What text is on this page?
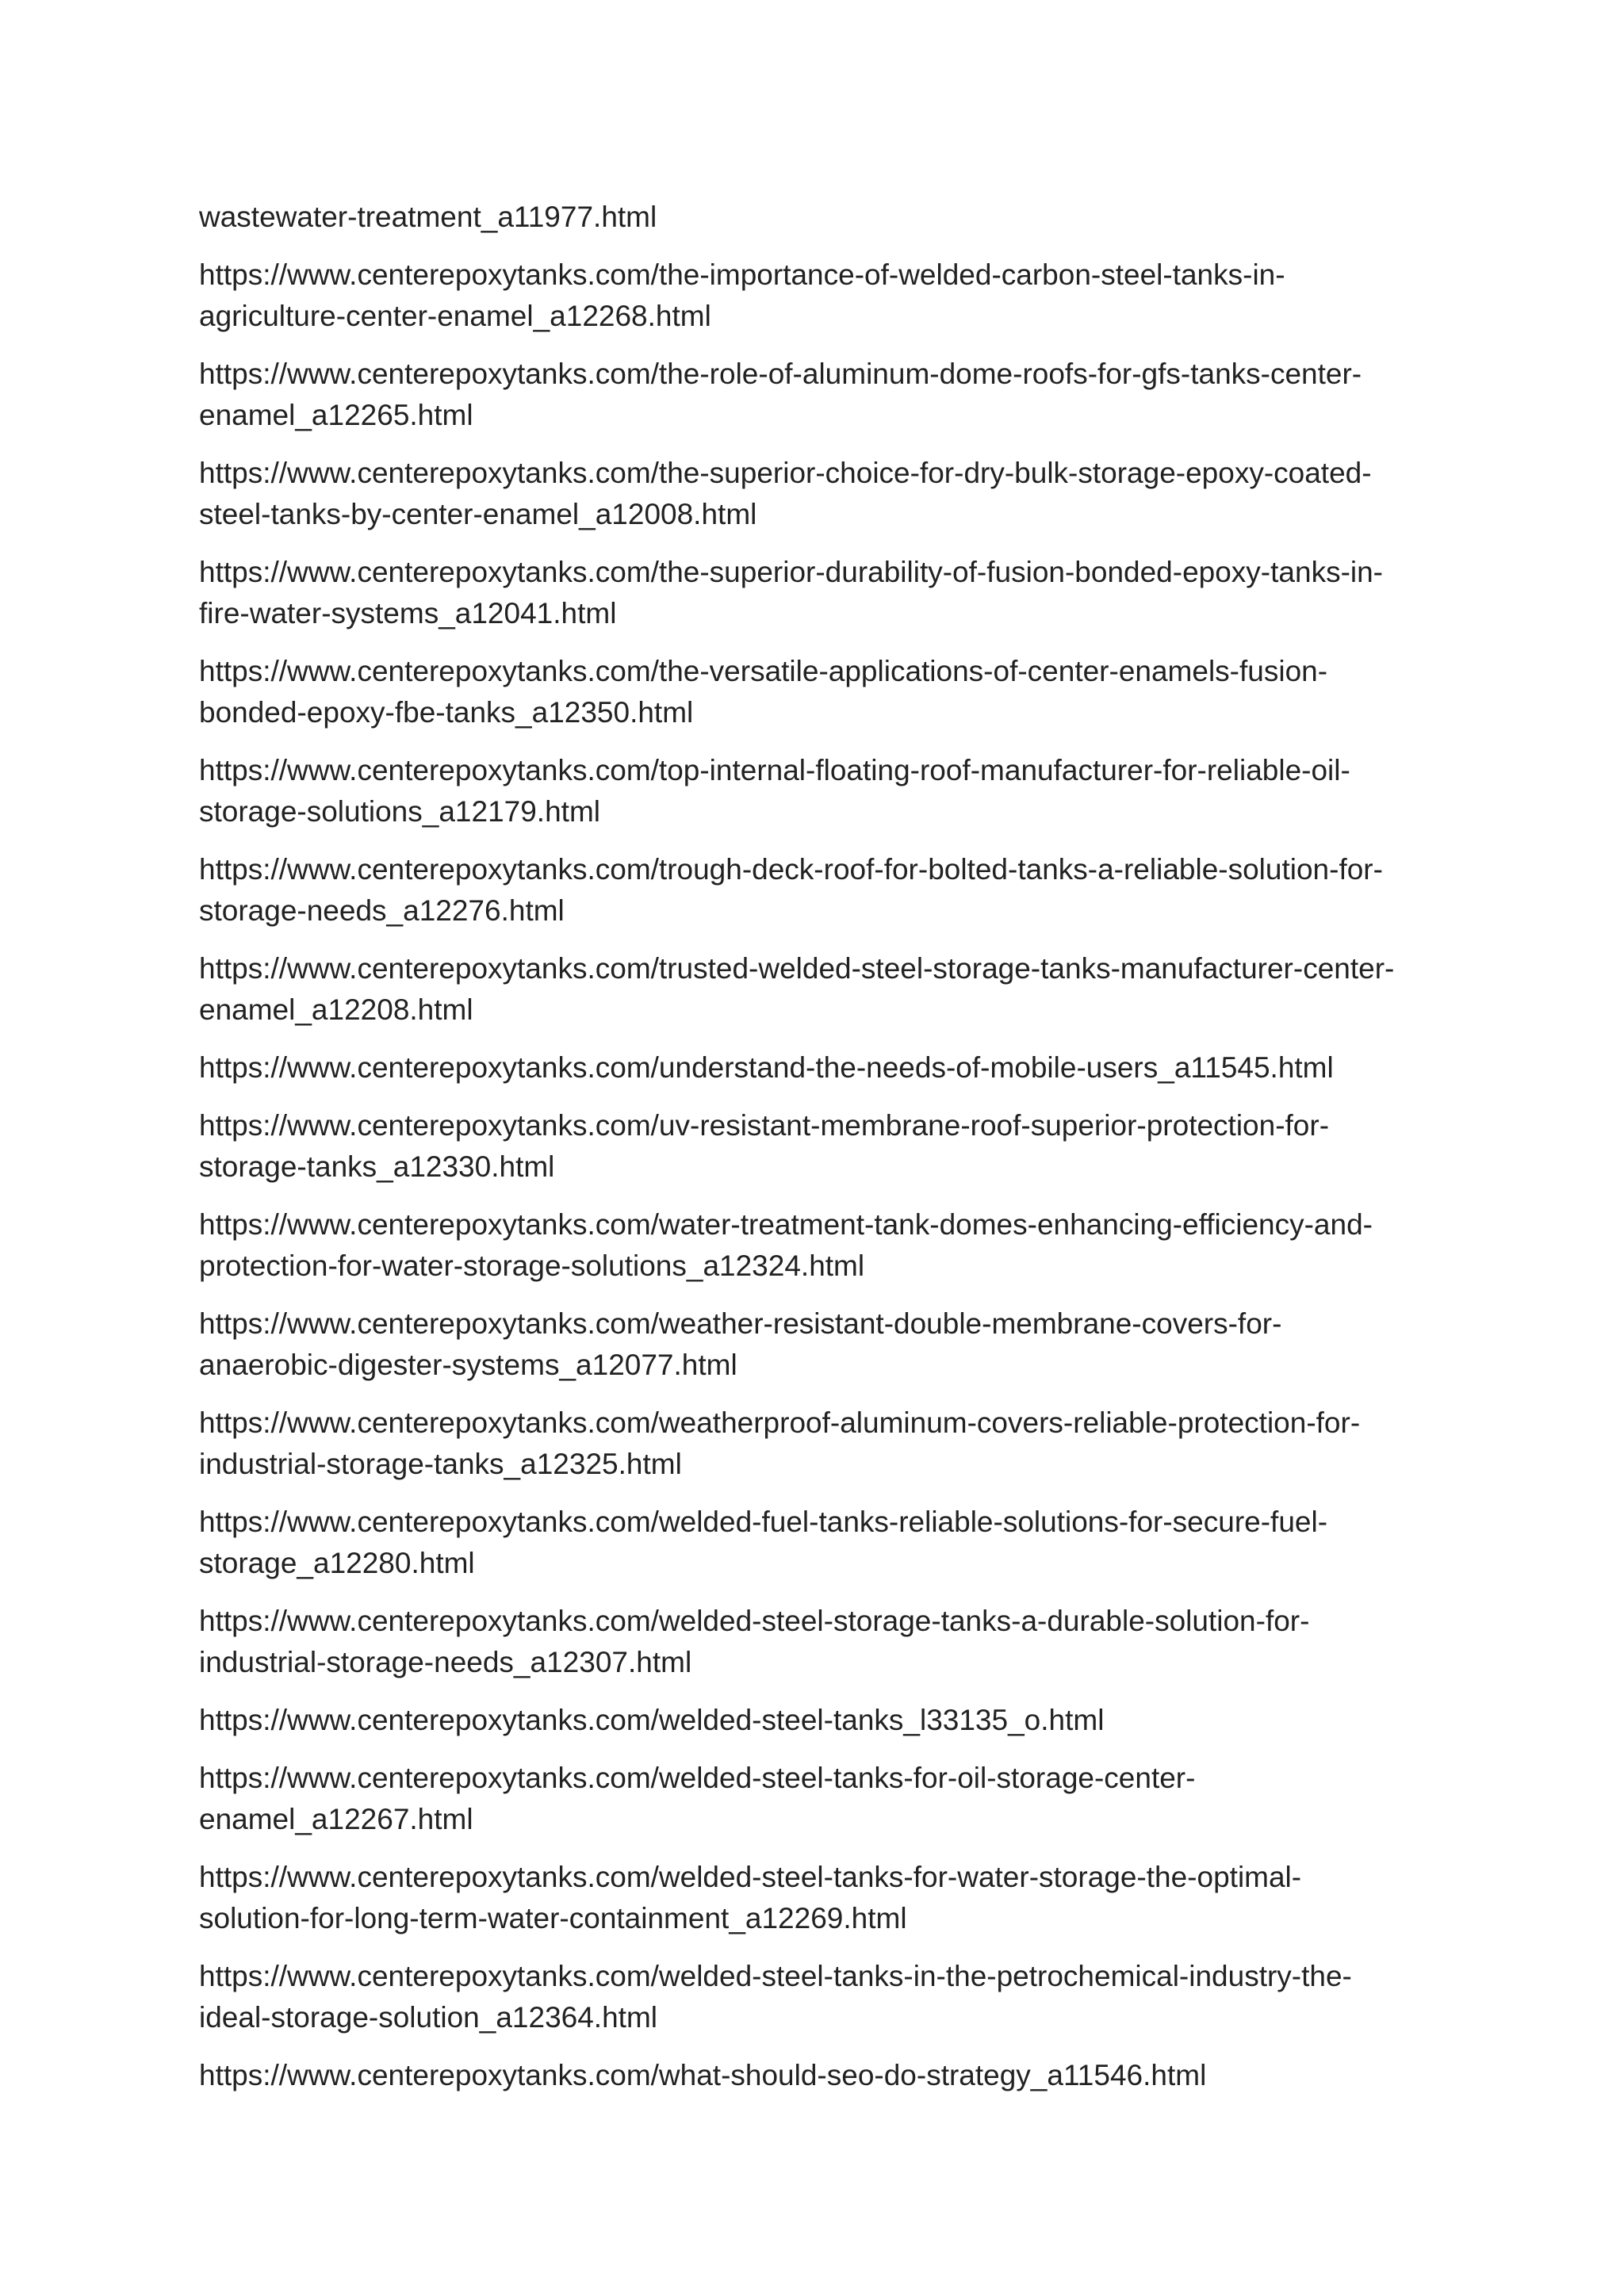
wastewater-treatment_a11977.html
https://www.centerepoxytanks.com/the-importance-of-welded-carbon-steel-tanks-in-
agriculture-center-enamel_a12268.html
https://www.centerepoxytanks.com/the-role-of-aluminum-dome-roofs-for-gfs-tanks-center-
enamel_a12265.html
https://www.centerepoxytanks.com/the-superior-choice-for-dry-bulk-storage-epoxy-coated-
steel-tanks-by-center-enamel_a12008.html
https://www.centerepoxytanks.com/the-superior-durability-of-fusion-bonded-epoxy-tanks-in-
fire-water-systems_a12041.html
https://www.centerepoxytanks.com/the-versatile-applications-of-center-enamels-fusion-
bonded-epoxy-fbe-tanks_a12350.html
https://www.centerepoxytanks.com/top-internal-floating-roof-manufacturer-for-reliable-oil-
storage-solutions_a12179.html
https://www.centerepoxytanks.com/trough-deck-roof-for-bolted-tanks-a-reliable-solution-for-
storage-needs_a12276.html
https://www.centerepoxytanks.com/trusted-welded-steel-storage-tanks-manufacturer-center-
enamel_a12208.html
https://www.centerepoxytanks.com/understand-the-needs-of-mobile-users_a11545.html
https://www.centerepoxytanks.com/uv-resistant-membrane-roof-superior-protection-for-
storage-tanks_a12330.html
https://www.centerepoxytanks.com/water-treatment-tank-domes-enhancing-efficiency-and-
protection-for-water-storage-solutions_a12324.html
https://www.centerepoxytanks.com/weather-resistant-double-membrane-covers-for-
anaerobic-digester-systems_a12077.html
https://www.centerepoxytanks.com/weatherproof-aluminum-covers-reliable-protection-for-
industrial-storage-tanks_a12325.html
https://www.centerepoxytanks.com/welded-fuel-tanks-reliable-solutions-for-secure-fuel-
storage_a12280.html
https://www.centerepoxytanks.com/welded-steel-storage-tanks-a-durable-solution-for-
industrial-storage-needs_a12307.html
https://www.centerepoxytanks.com/welded-steel-tanks_l33135_o.html
https://www.centerepoxytanks.com/welded-steel-tanks-for-oil-storage-center-
enamel_a12267.html
https://www.centerepoxytanks.com/welded-steel-tanks-for-water-storage-the-optimal-
solution-for-long-term-water-containment_a12269.html
https://www.centerepoxytanks.com/welded-steel-tanks-in-the-petrochemical-industry-the-
ideal-storage-solution_a12364.html
https://www.centerepoxytanks.com/what-should-seo-do-strategy_a11546.html
